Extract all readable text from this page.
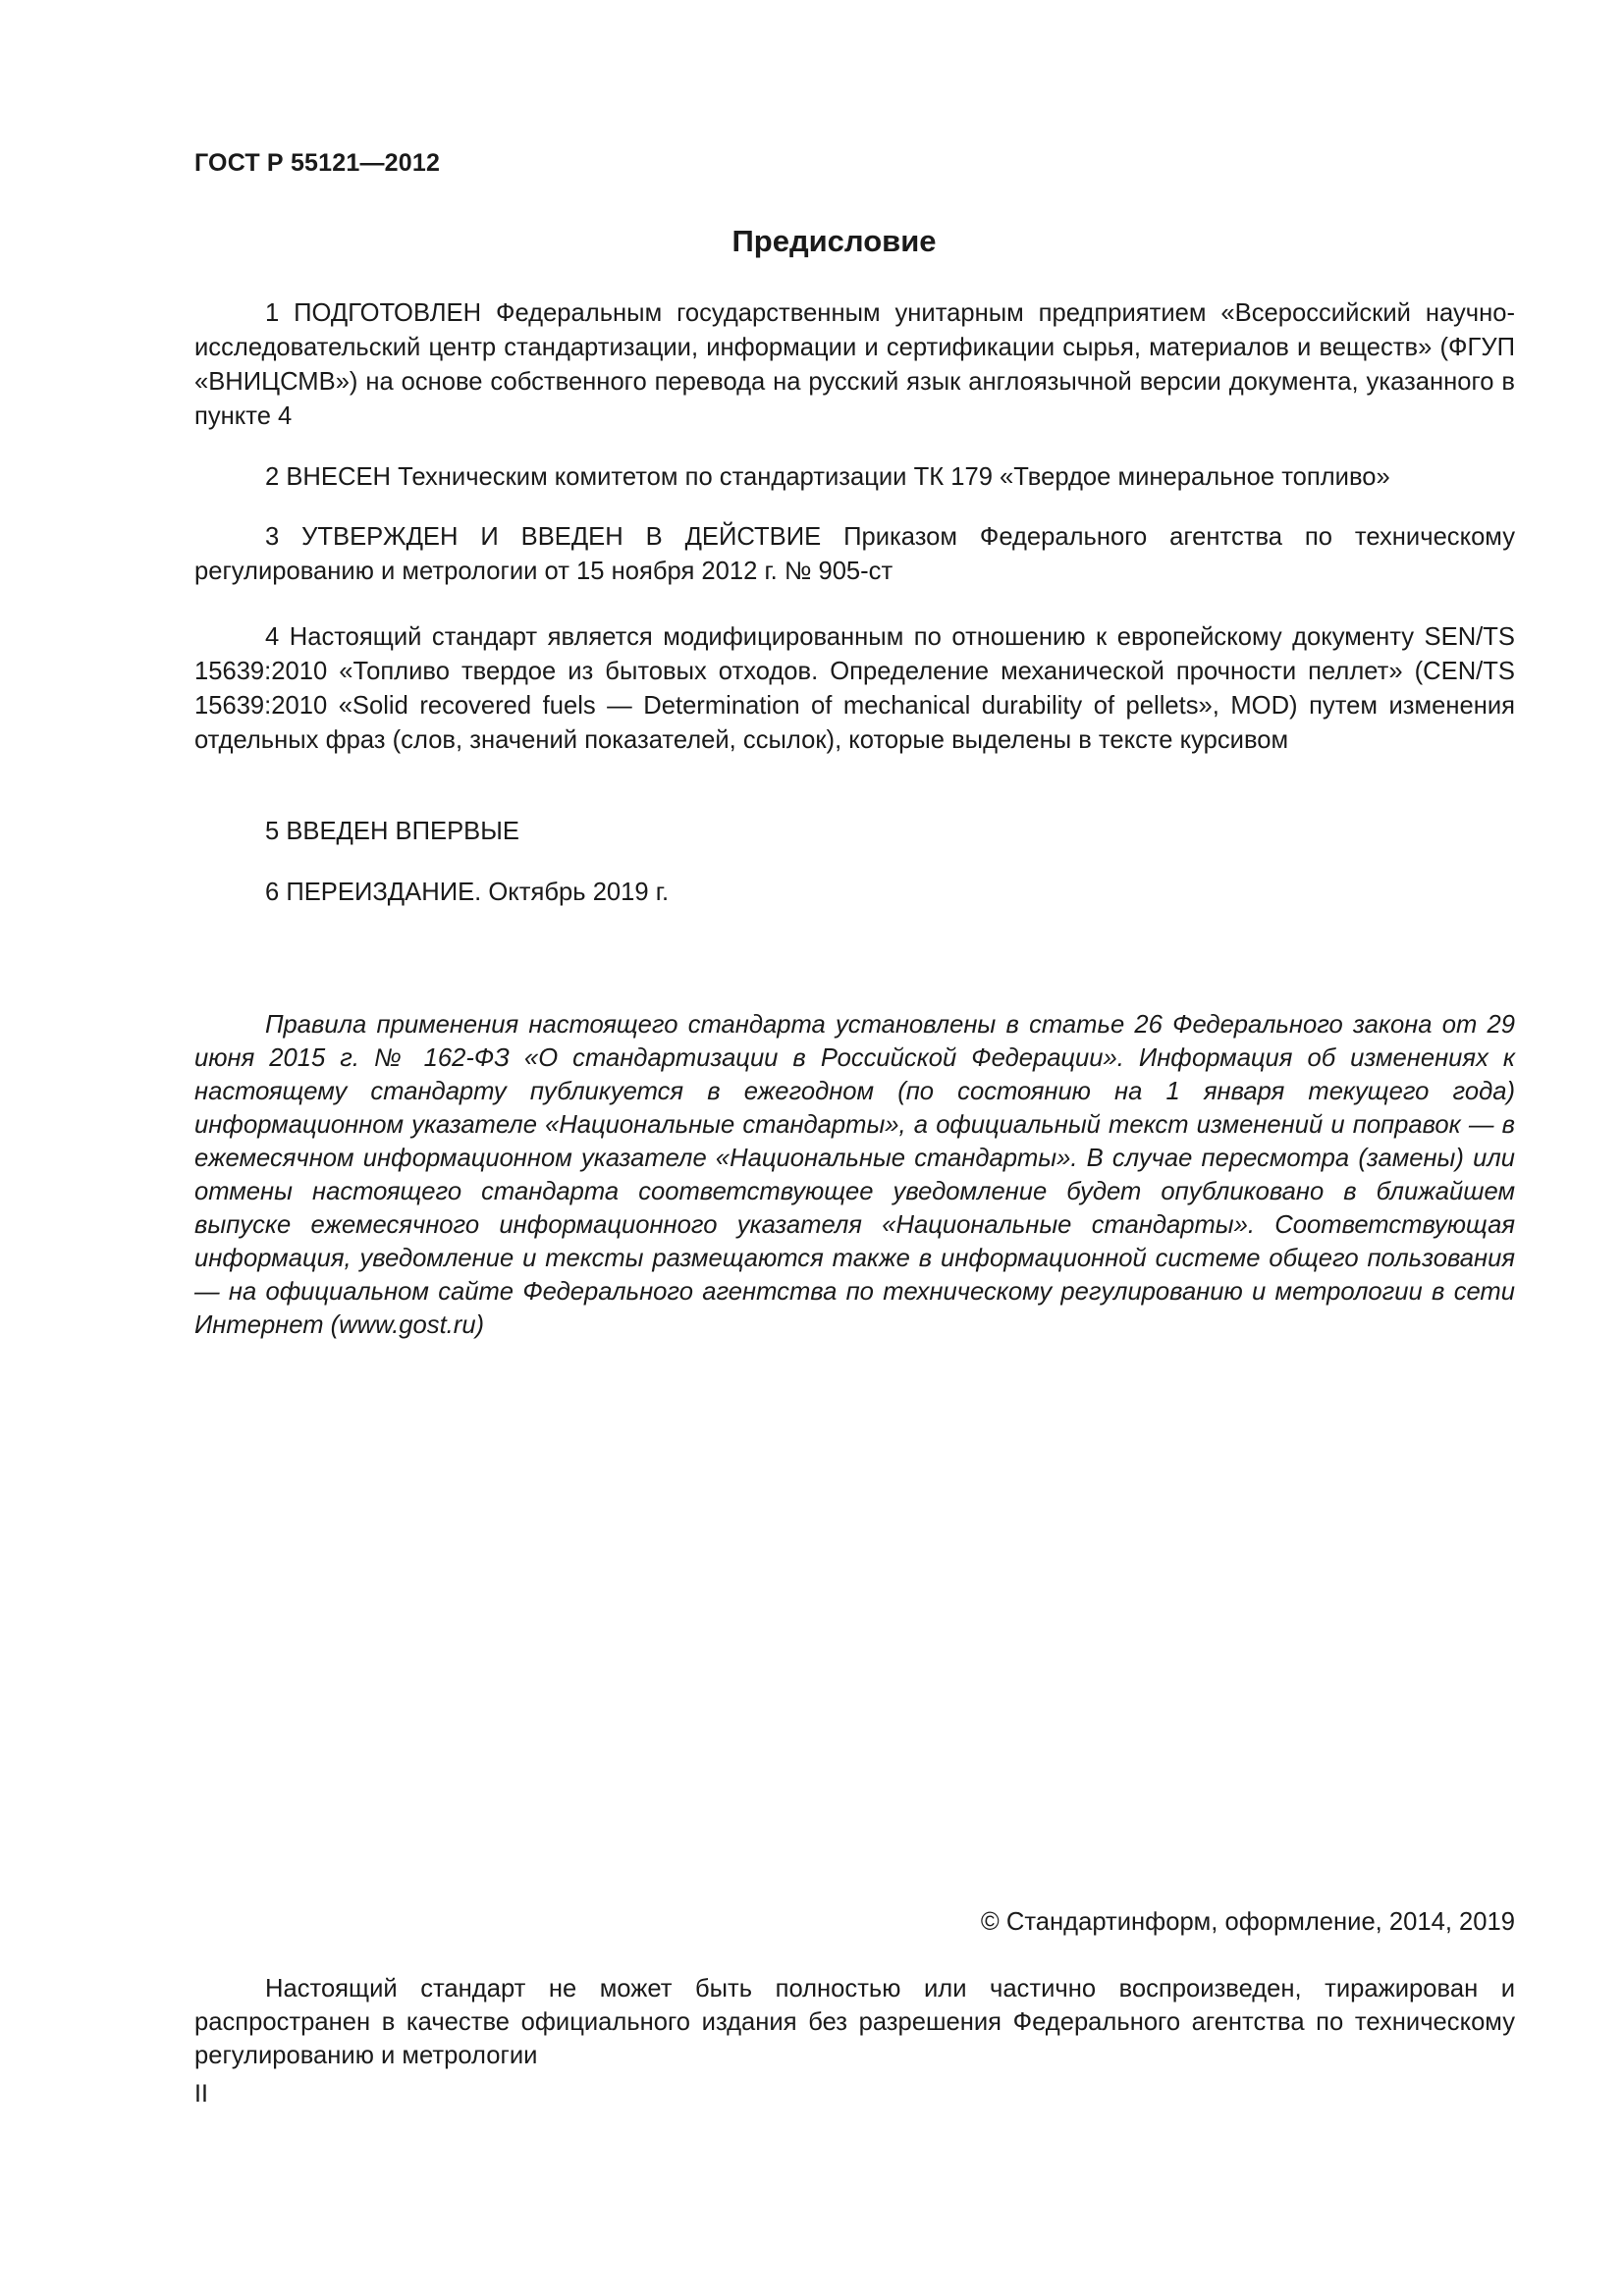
ГОСТ Р 55121—2012
Предисловие

1 ПОДГОТОВЛЕН Федеральным государственным унитарным предприятием «Всероссийский научно-исследовательский центр стандартизации, информации и сертификации сырья, материалов и веществ» (ФГУП «ВНИЦСМВ») на основе собственного перевода на русский язык англоязычной версии документа, указанного в пункте 4

2 ВНЕСЕН Техническим комитетом по стандартизации ТК 179 «Твердое минеральное топливо»

3 УТВЕРЖДЕН И ВВЕДЕН В ДЕЙСТВИЕ Приказом Федерального агентства по техническому регулированию и метрологии от 15 ноября 2012 г. № 905-ст

4 Настоящий стандарт является модифицированным по отношению к европейскому документу SEN/TS 15639:2010 «Топливо твердое из бытовых отходов. Определение механической прочности пеллет» (CEN/TS 15639:2010 «Solid recovered fuels — Determination of mechanical durability of pellets», MOD) путем изменения отдельных фраз (слов, значений показателей, ссылок), которые выделены в тексте курсивом

5 ВВЕДЕН ВПЕРВЫЕ

6 ПЕРЕИЗДАНИЕ. Октябрь 2019 г.

Правила применения настоящего стандарта установлены в статье 26 Федерального закона от 29 июня 2015 г. № 162-ФЗ «О стандартизации в Российской Федерации». Информация об изменениях к настоящему стандарту публикуется в ежегодном (по состоянию на 1 января текущего года) информационном указателе «Национальные стандарты», а официальный текст изменений и поправок — в ежемесячном информационном указателе «Национальные стандарты». В случае пересмотра (замены) или отмены настоящего стандарта соответствующее уведомление будет опубликовано в ближайшем выпуске ежемесячного информационного указателя «Национальные стандарты». Соответствующая информация, уведомление и тексты размещаются также в информационной системе общего пользования — на официальном сайте Федерального агентства по техническому регулированию и метрологии в сети Интернет (www.gost.ru)

© Стандартинформ, оформление, 2014, 2019

Настоящий стандарт не может быть полностью или частично воспроизведен, тиражирован и распространен в качестве официального издания без разрешения Федерального агентства по техническому регулированию и метрологии

II
